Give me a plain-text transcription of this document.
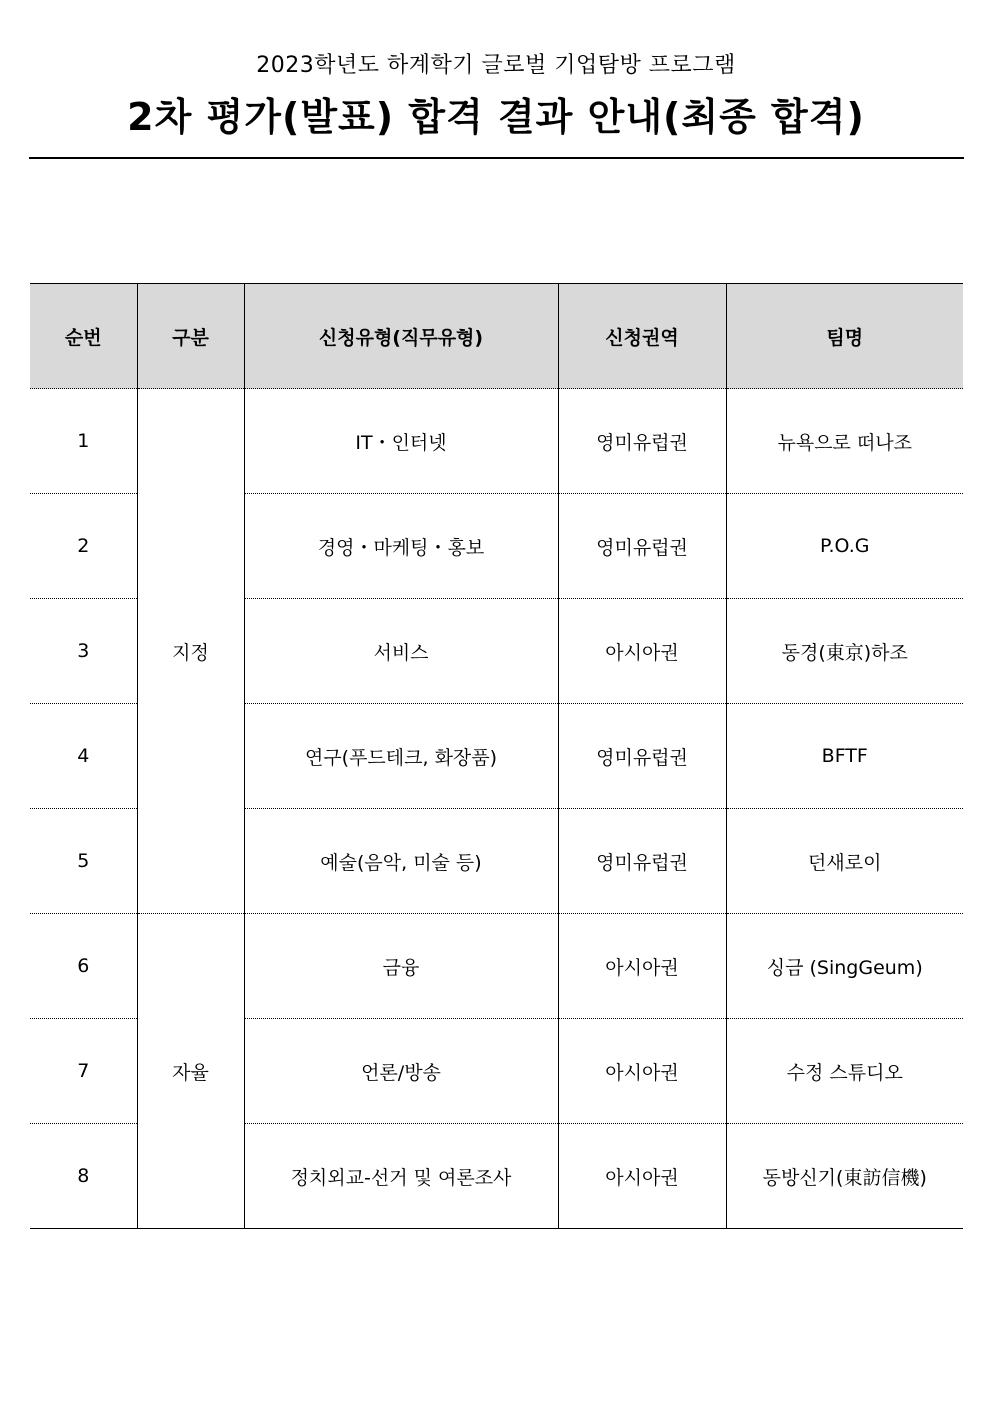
2023학년도 하계학기 글로벌 기업탐방 프로그램
2차 평가(발표) 합격 결과 안내(최종 합격)
순번	구분	신청유형(직무유형)	신청권역	팀명
1	지정	IT・인터넷	영미유럽권	뉴욕으로 떠나조
2		경영・마케팅・홍보	영미유럽권	P.O.G
3		서비스	아시아권	동경(東京)하조
4		연구(푸드테크, 화장품)	영미유럽권	BFTF
5		예술(음악, 미술 등)	영미유럽권	던새로이
6	자율	금융	아시아권	싱금 (SingGeum)
7		언론/방송	아시아권	수정 스튜디오
8		정치외교-선거 및 여론조사	아시아권	동방신기(東訪信機)
